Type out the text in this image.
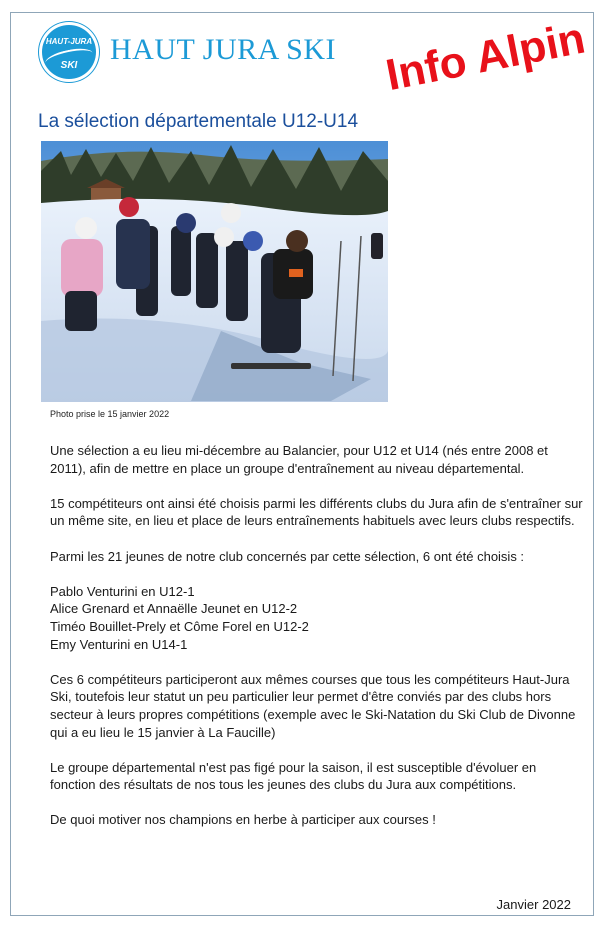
HAUT-JURA
SKI	HAUT JURA SKI Info Alpin
La sélection départementale U12-U14
Photo prise le 15 janvier 2022

Une sélection a eu lieu mi-décembre au Balancier, pour U12 et U14 (nés entre 2008 et 2011), afin de mettre en place un groupe d'entraînement au niveau départemental.

15 compétiteurs ont ainsi été choisis parmi les différents clubs du Jura afin de s'entraîner sur un même site, en lieu et place de leurs entraînements habituels avec leurs clubs respectifs.

Parmi les 21 jeunes de notre club concernés par cette sélection, 6 ont été choisis :

Pablo Venturini en U12-1
Alice Grenard et Annaëlle Jeunet en U12-2
Timéo Bouillet-Prely et Côme Forel en U12-2
Emy Venturini en U14-1

Ces 6 compétiteurs participeront aux mêmes courses que tous les compétiteurs Haut-Jura Ski, toutefois leur statut un peu particulier leur permet d'être conviés par des clubs hors secteur à leurs propres compétitions (exemple avec le Ski-Natation du Ski Club de Divonne qui a eu lieu le 15 janvier à La Faucille)

Le groupe départemental n'est pas figé pour la saison, il est susceptible d'évoluer en fonction des résultats de nos tous les jeunes des clubs du Jura aux compétitions.

De quoi motiver nos champions en herbe à participer aux courses !

Janvier 2022
